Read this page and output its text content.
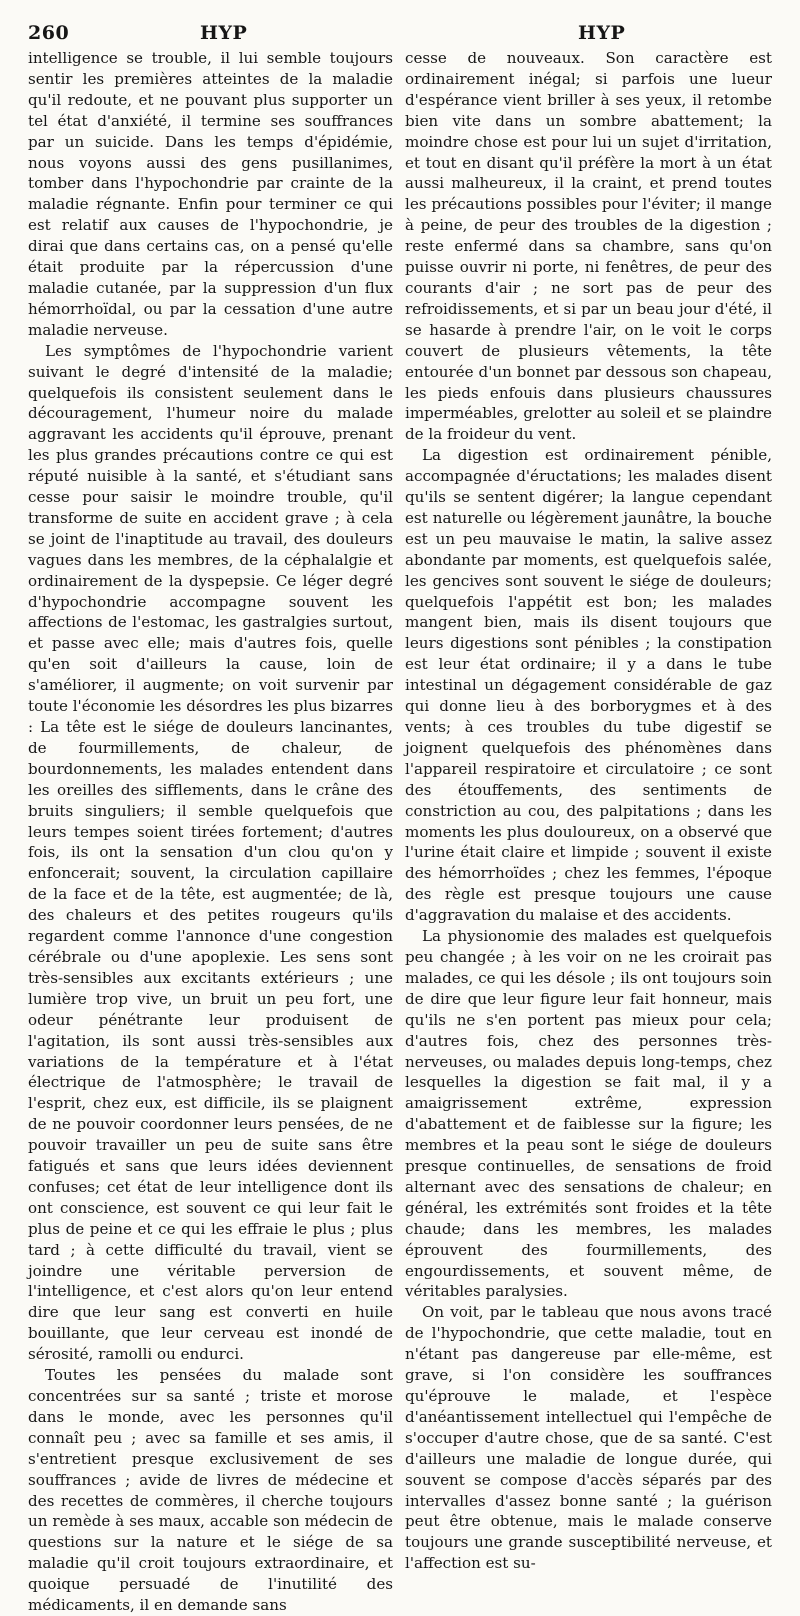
260	HYP	HYP

intelligence se trouble, il lui semble toujours sentir les premières atteintes de la maladie qu'il redoute, et ne pouvant plus supporter un tel état d'anxiété, il termine ses souffrances par un suicide. Dans les temps d'épidémie, nous voyons aussi des gens pusillanimes, tomber dans l'hypochondrie par crainte de la maladie régnante. Enfin pour terminer ce qui est relatif aux causes de l'hypochondrie, je dirai que dans certains cas, on a pensé qu'elle était produite par la répercussion d'une maladie cutanée, par la suppression d'un flux hémorrhoïdal, ou par la cessation d'une autre maladie nerveuse.

Les symptômes de l'hypochondrie varient suivant le degré d'intensité de la maladie; quelquefois ils consistent seulement dans le découragement, l'humeur noire du malade aggravant les accidents qu'il éprouve, prenant les plus grandes précautions contre ce qui est réputé nuisible à la santé, et s'étudiant sans cesse pour saisir le moindre trouble, qu'il transforme de suite en accident grave ; à cela se joint de l'inaptitude au travail, des douleurs vagues dans les membres, de la céphalalgie et ordinairement de la dyspepsie. Ce léger degré d'hypochondrie accompagne souvent les affections de l'estomac, les gastralgies surtout, et passe avec elle; mais d'autres fois, quelle qu'en soit d'ailleurs la cause, loin de s'améliorer, il augmente; on voit survenir par toute l'économie les désordres les plus bizarres : La tête est le siége de douleurs lancinantes, de fourmillements, de chaleur, de bourdonnements, les malades entendent dans les oreilles des sifflements, dans le crâne des bruits singuliers; il semble quelquefois que leurs tempes soient tirées fortement; d'autres fois, ils ont la sensation d'un clou qu'on y enfoncerait; souvent, la circulation capillaire de la face et de la tête, est augmentée; de là, des chaleurs et des petites rougeurs qu'ils regardent comme l'annonce d'une congestion cérébrale ou d'une apoplexie. Les sens sont très-sensibles aux excitants extérieurs ; une lumière trop vive, un bruit un peu fort, une odeur pénétrante leur produisent de l'agitation, ils sont aussi très-sensibles aux variations de la température et à l'état électrique de l'atmosphère; le travail de l'esprit, chez eux, est difficile, ils se plaignent de ne pouvoir coordonner leurs pensées, de ne pouvoir travailler un peu de suite sans être fatigués et sans que leurs idées deviennent confuses; cet état de leur intelligence dont ils ont conscience, est souvent ce qui leur fait le plus de peine et ce qui les effraie le plus ; plus tard ; à cette difficulté du travail, vient se joindre une véritable perversion de l'intelligence, et c'est alors qu'on leur entend dire que leur sang est converti en huile bouillante, que leur cerveau est inondé de sérosité, ramolli ou endurci.

Toutes les pensées du malade sont concentrées sur sa santé ; triste et morose dans le monde, avec les personnes qu'il connaît peu ; avec sa famille et ses amis, il s'entretient presque exclusivement de ses souffrances ; avide de livres de médecine et des recettes de commères, il cherche toujours un remède à ses maux, accable son médecin de questions sur la nature et le siége de sa maladie qu'il croit toujours extraordinaire, et quoique persuadé de l'inutilité des médicaments, il en demande sans

cesse de nouveaux. Son caractère est ordinairement inégal; si parfois une lueur d'espérance vient briller à ses yeux, il retombe bien vite dans un sombre abattement; la moindre chose est pour lui un sujet d'irritation, et tout en disant qu'il préfère la mort à un état aussi malheureux, il la craint, et prend toutes les précautions possibles pour l'éviter; il mange à peine, de peur des troubles de la digestion ; reste enfermé dans sa chambre, sans qu'on puisse ouvrir ni porte, ni fenêtres, de peur des courants d'air ; ne sort pas de peur des refroidissements, et si par un beau jour d'été, il se hasarde à prendre l'air, on le voit le corps couvert de plusieurs vêtements, la tête entourée d'un bonnet par dessous son chapeau, les pieds enfouis dans plusieurs chaussures imperméables, grelotter au soleil et se plaindre de la froideur du vent.

La digestion est ordinairement pénible, accompagnée d'éructations; les malades disent qu'ils se sentent digérer; la langue cependant est naturelle ou légèrement jaunâtre, la bouche est un peu mauvaise le matin, la salive assez abondante par moments, est quelquefois salée, les gencives sont souvent le siége de douleurs; quelquefois l'appétit est bon; les malades mangent bien, mais ils disent toujours que leurs digestions sont pénibles ; la constipation est leur état ordinaire; il y a dans le tube intestinal un dégagement considérable de gaz qui donne lieu à des borborygmes et à des vents; à ces troubles du tube digestif se joignent quelquefois des phénomènes dans l'appareil respiratoire et circulatoire ; ce sont des étouffements, des sentiments de constriction au cou, des palpitations ; dans les moments les plus douloureux, on a observé que l'urine était claire et limpide ; souvent il existe des hémorrhoïdes ; chez les femmes, l'époque des règle est presque toujours une cause d'aggravation du malaise et des accidents.

La physionomie des malades est quelquefois peu changée ; à les voir on ne les croirait pas malades, ce qui les désole ; ils ont toujours soin de dire que leur figure leur fait honneur, mais qu'ils ne s'en portent pas mieux pour cela; d'autres fois, chez des personnes très-nerveuses, ou malades depuis long-temps, chez lesquelles la digestion se fait mal, il y a amaigrissement extrême, expression d'abattement et de faiblesse sur la figure; les membres et la peau sont le siége de douleurs presque continuelles, de sensations de froid alternant avec des sensations de chaleur; en général, les extrémités sont froides et la tête chaude; dans les membres, les malades éprouvent des fourmillements, des engourdissements, et souvent même, de véritables paralysies.

On voit, par le tableau que nous avons tracé de l'hypochondrie, que cette maladie, tout en n'étant pas dangereuse par elle-même, est grave, si l'on considère les souffrances qu'éprouve le malade, et l'espèce d'anéantissement intellectuel qui l'empêche de s'occuper d'autre chose, que de sa santé. C'est d'ailleurs une maladie de longue durée, qui souvent se compose d'accès séparés par des intervalles d'assez bonne santé ; la guérison peut être obtenue, mais le malade conserve toujours une grande susceptibilité nerveuse, et l'affection est su-
